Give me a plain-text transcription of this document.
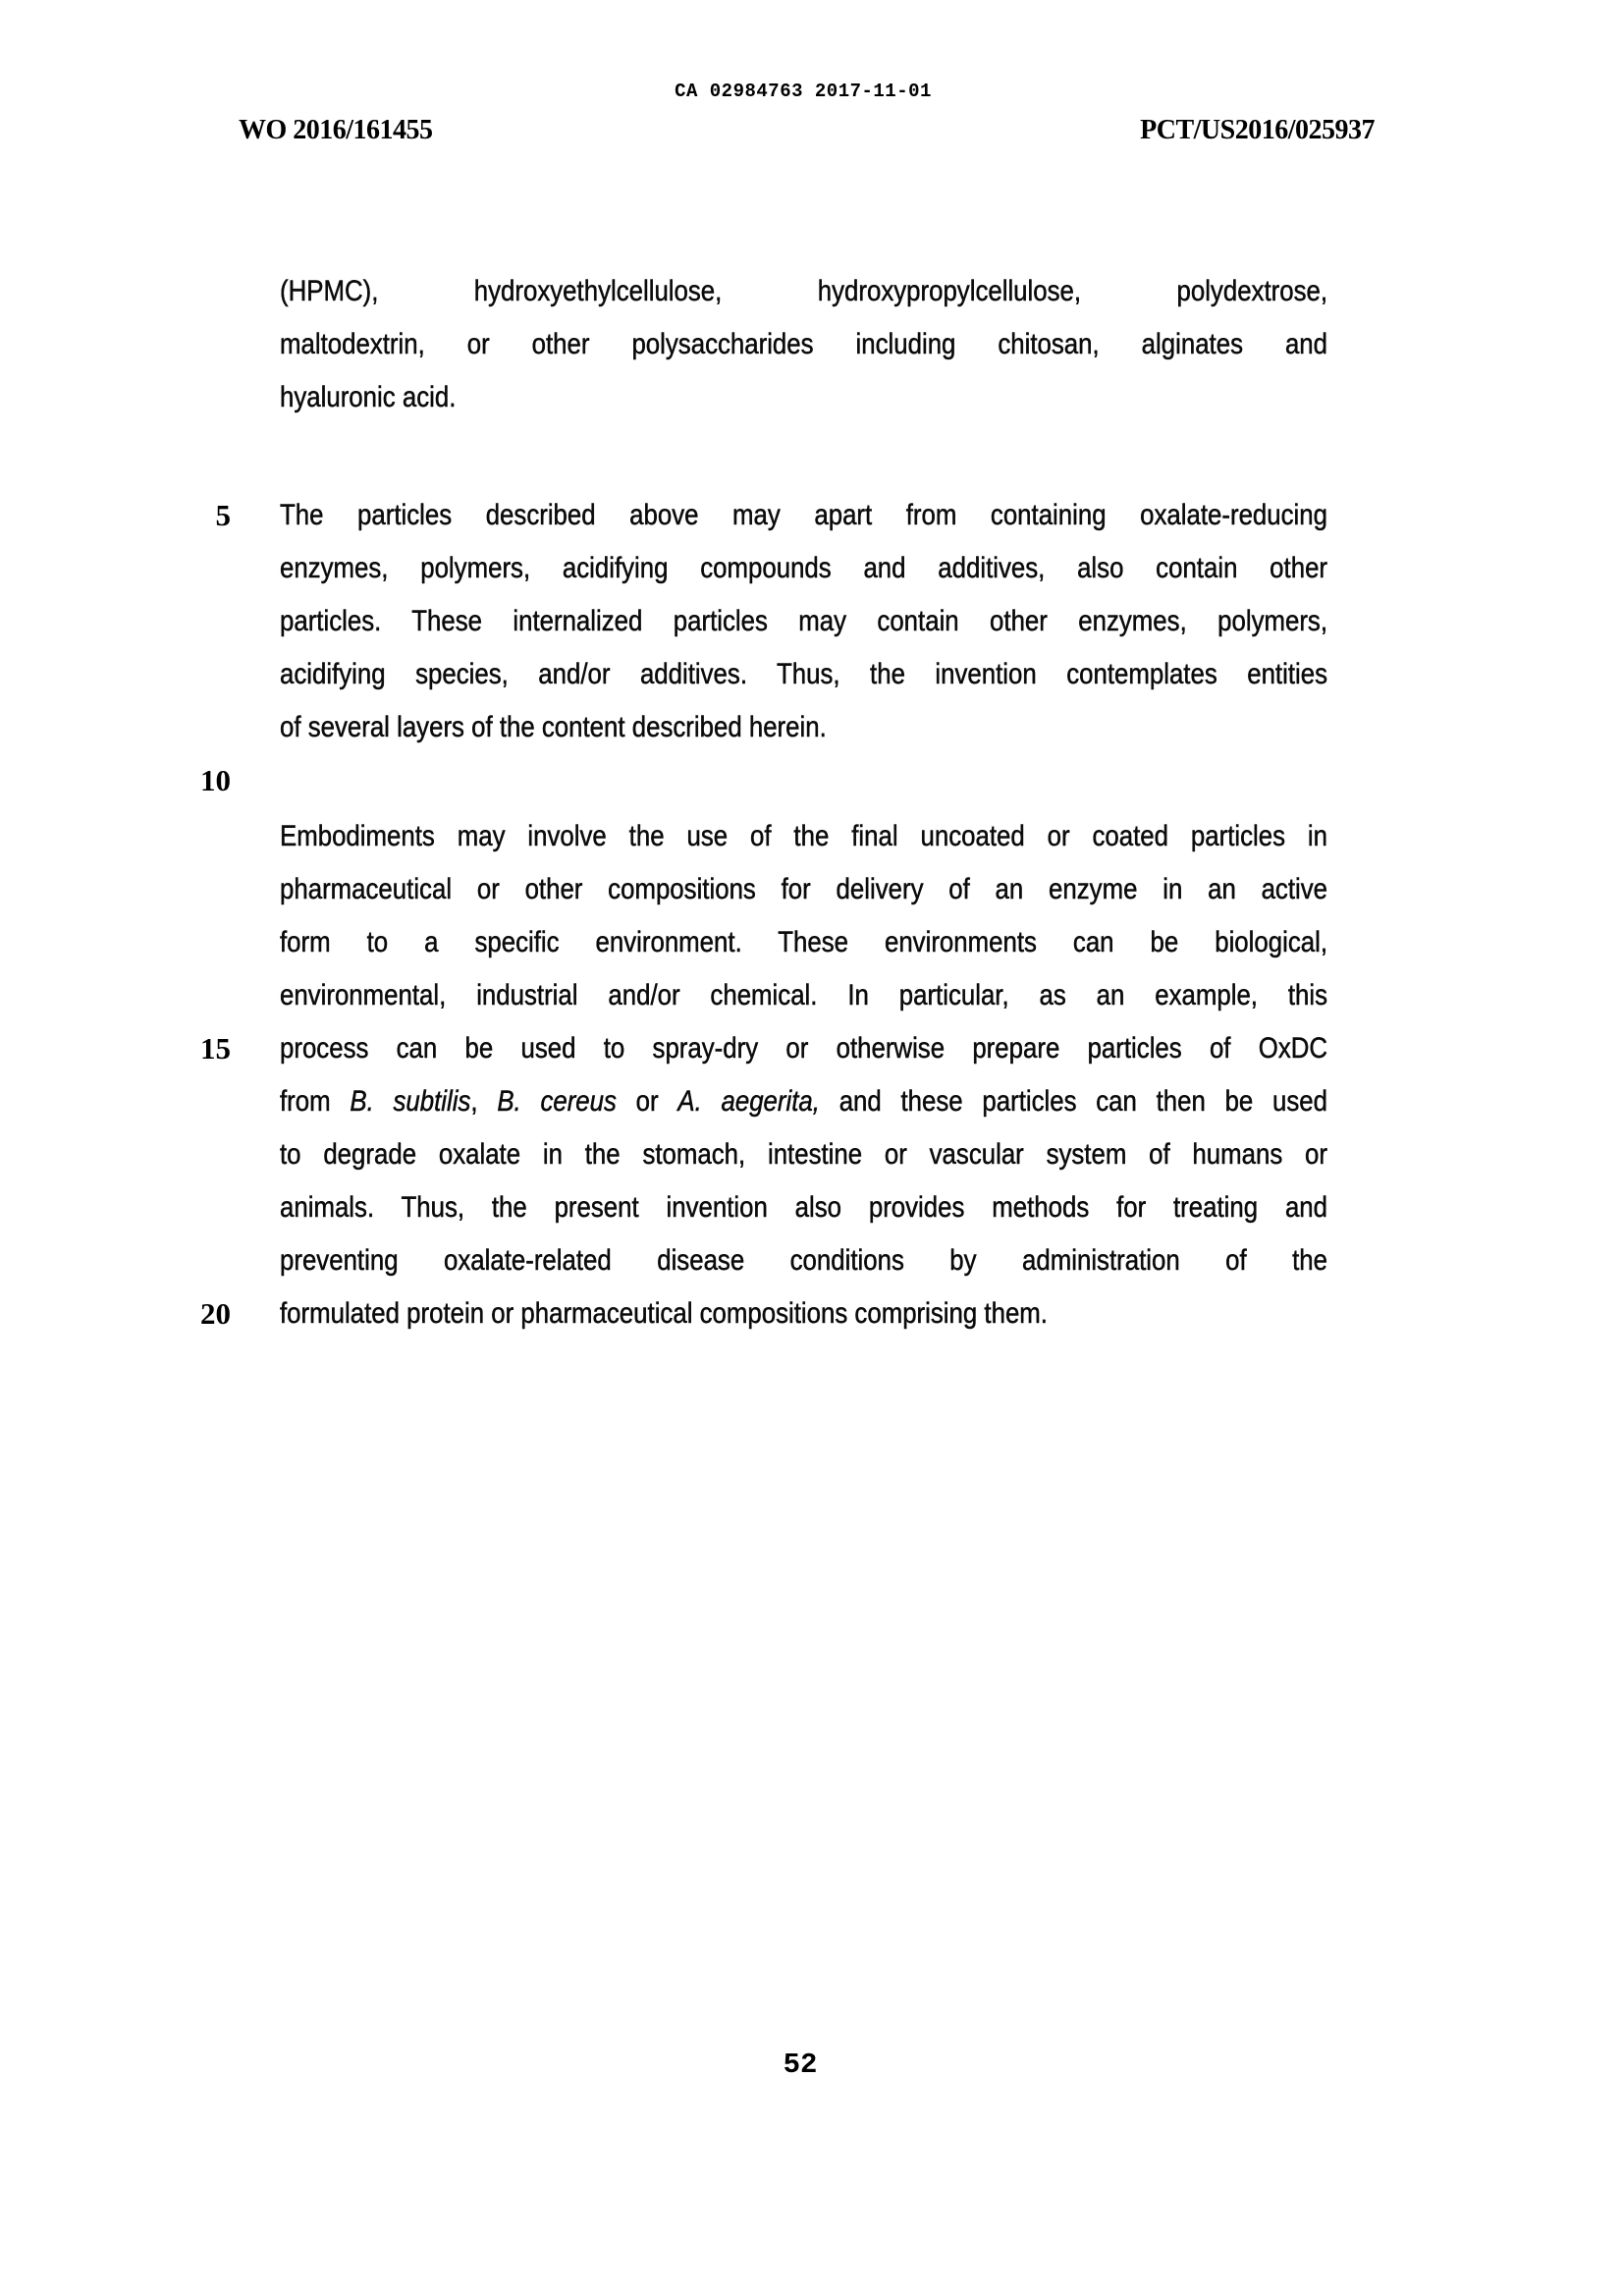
CA 02984763 2017-11-01
WO 2016/161455	PCT/US2016/025937
5
10
15
20
(HPMC), hydroxyethylcellulose, hydroxypropylcellulose, polydextrose,
maltodextrin, or other polysaccharides including chitosan, alginates and
hyaluronic acid.
The particles described above may apart from containing oxalate-reducing
enzymes, polymers, acidifying compounds and additives, also contain other
particles. These internalized particles may contain other enzymes, polymers,
acidifying species, and/or additives. Thus, the invention contemplates entities
of several layers of the content described herein.
Embodiments may involve the use of the final uncoated or coated particles in
pharmaceutical or other compositions for delivery of an enzyme in an active
form to a specific environment. These environments can be biological,
environmental, industrial and/or chemical. In particular, as an example, this
process can be used to spray-dry or otherwise prepare particles of OxDC
from B. subtilis, B. cereus or A. aegerita, and these particles can then be used
to degrade oxalate in the stomach, intestine or vascular system of humans or
animals. Thus, the present invention also provides methods for treating and
preventing oxalate-related disease conditions by administration of the
formulated protein or pharmaceutical compositions comprising them.
52
